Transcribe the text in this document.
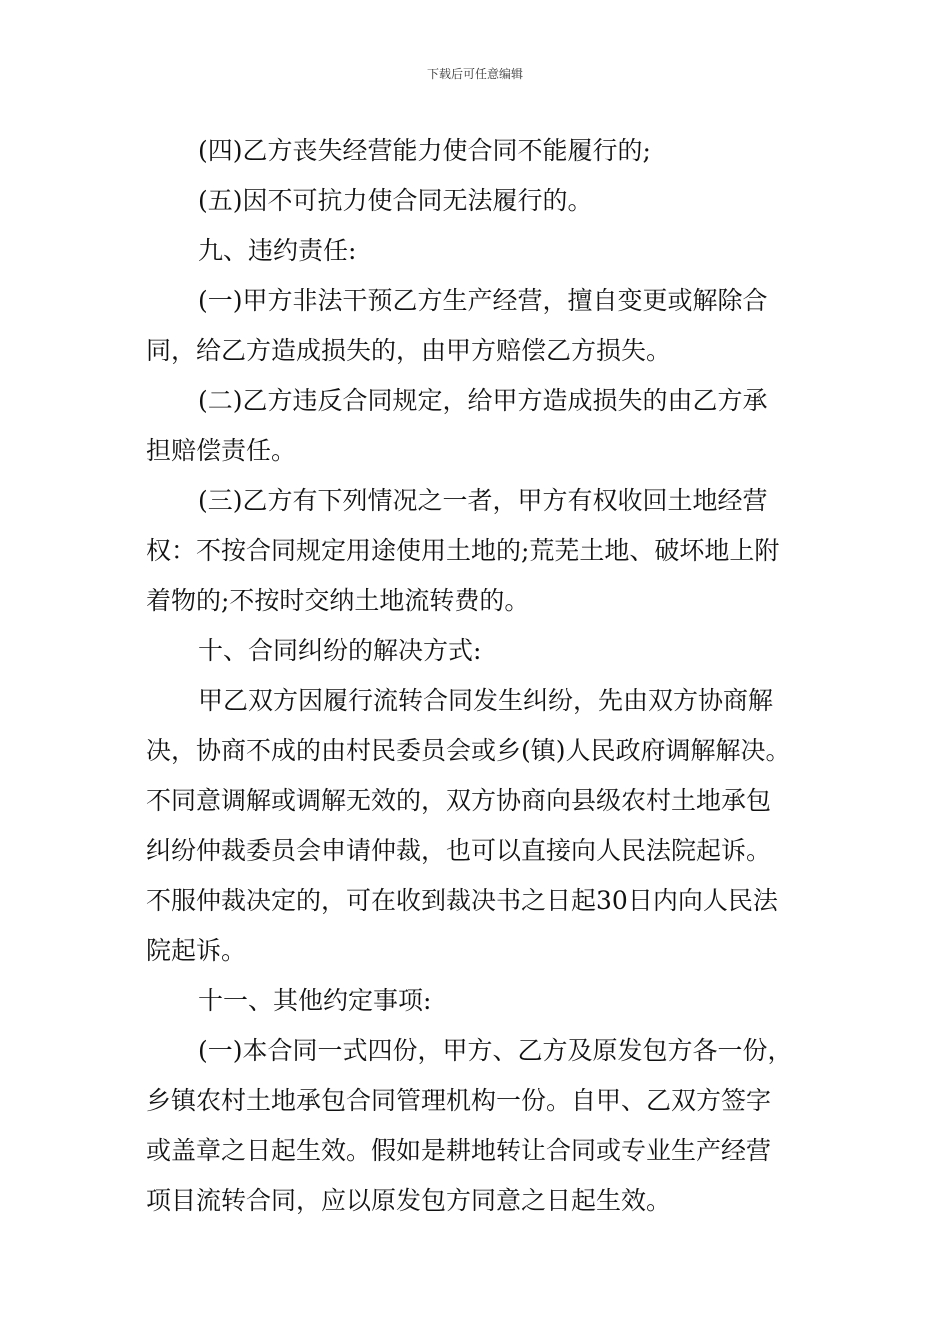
下载后可任意编辑

(四)乙方丧失经营能力使合同不能履行的;

(五)因不可抗力使合同无法履行的。

九、违约责任:

(一)甲方非法干预乙方生产经营，擅自变更或解除合

同，给乙方造成损失的，由甲方赔偿乙方损失。

(二)乙方违反合同规定，给甲方造成损失的由乙方承

担赔偿责任。

(三)乙方有下列情况之一者，甲方有权收回土地经营

权：不按合同规定用途使用土地的;荒芜土地、破坏地上附

着物的;不按时交纳土地流转费的。

十、合同纠纷的解决方式:

甲乙双方因履行流转合同发生纠纷，先由双方协商解

决，协商不成的由村民委员会或乡(镇)人民政府调解解决。

不同意调解或调解无效的，双方协商向县级农村土地承包

纠纷仲裁委员会申请仲裁，也可以直接向人民法院起诉。

不服仲裁决定的，可在收到裁决书之日起30日内向人民法

院起诉。

十一、其他约定事项:

(一)本合同一式四份，甲方、乙方及原发包方各一份，

乡镇农村土地承包合同管理机构一份。自甲、乙双方签字

或盖章之日起生效。假如是耕地转让合同或专业生产经营

项目流转合同，应以原发包方同意之日起生效。
